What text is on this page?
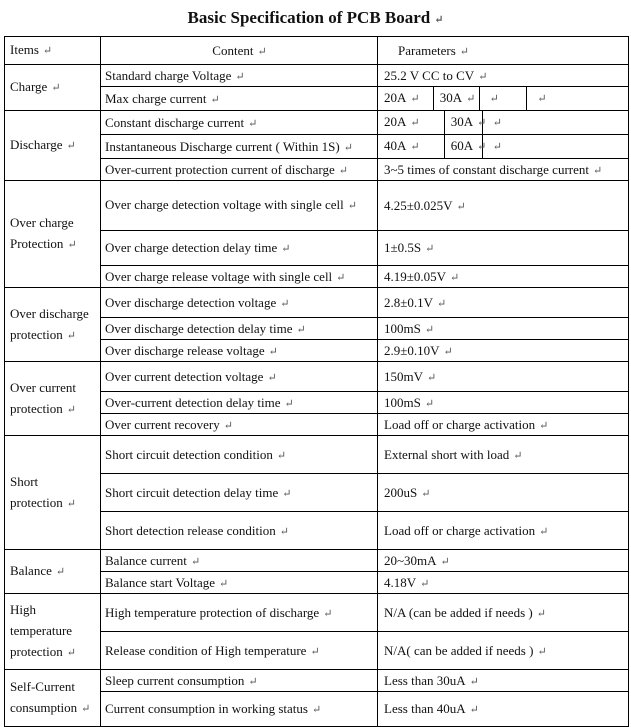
Basic Specification of PCB Board ↵
Items ↵	Content ↵	Parameters ↵
Charge ↵	Standard charge Voltage ↵	25.2 V CC to CV ↵
	Max charge current ↵	20A ↵ 30A ↵ ↵ ↵

Discharge ↵	Constant discharge current ↵	20A ↵ 30A ↵ ↵

	Instantaneous Discharge current ( Within 1S) ↵	40A ↵ 60A ↵ ↵

	Over-current protection current of discharge ↵	3~5 times of constant discharge current ↵
Over charge Protection ↵	Over charge detection voltage with single cell ↵	4.25±0.025V ↵
	Over charge detection delay time ↵	1±0.5S ↵
	Over charge release voltage with single cell ↵	4.19±0.05V ↵
Over discharge protection ↵	Over discharge detection voltage ↵	2.8±0.1V ↵
	Over discharge detection delay time ↵	100mS ↵
	Over discharge release voltage ↵	2.9±0.10V ↵
Over current protection ↵	Over current detection voltage ↵	150mV ↵
	Over-current detection delay time ↵	100mS ↵
	Over current recovery ↵	Load off or charge activation ↵
Short protection ↵	Short circuit detection condition ↵	External short with load ↵
	Short circuit detection delay time ↵	200uS ↵
	Short detection release condition ↵	Load off or charge activation ↵
Balance ↵	Balance current ↵	20~30mA ↵
	Balance start Voltage ↵	4.18V ↵
High temperature protection ↵	High temperature protection of discharge ↵	N/A (can be added if needs ) ↵
	Release condition of High temperature ↵	N/A( can be added if needs ) ↵
Self-Current consumption ↵	Sleep current consumption ↵	Less than 30uA ↵
	Current consumption in working status ↵	Less than 40uA ↵
